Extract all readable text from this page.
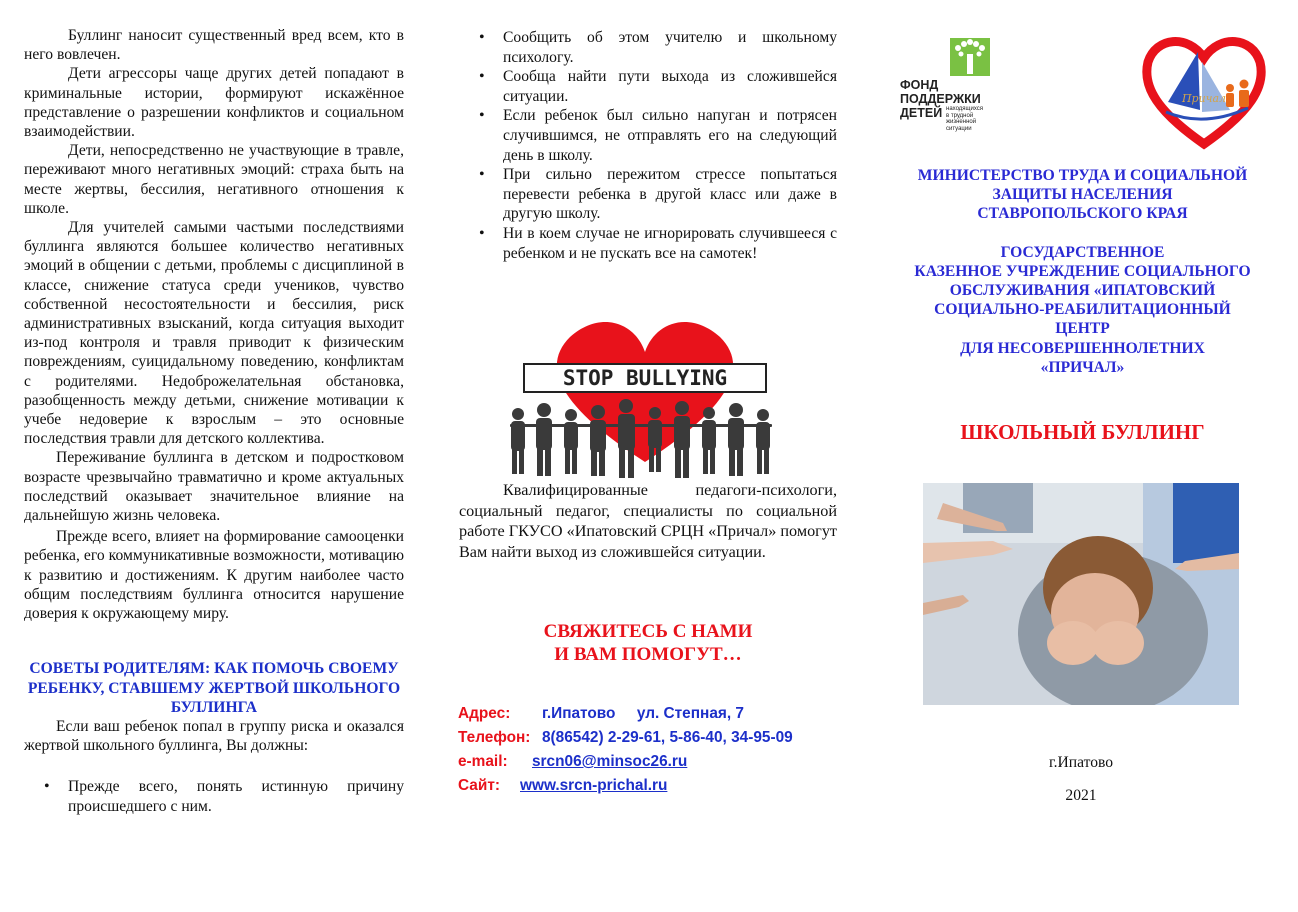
Буллинг наносит существенный вред всем, кто в него вовлечен.

Дети агрессоры чаще других детей попадают в криминальные истории, формируют искажённое представление о разрешении конфликтов и социальном взаимодействии.

Дети, непосредственно не участвующие в травле, переживают много негативных эмоций: страха быть на месте жертвы, бессилия, негативного отношения к школе.

Для учителей самыми частыми последствиями буллинга являются большее количество негативных эмоций в общении с детьми, проблемы с дисциплиной в классе, снижение статуса среди учеников, чувство собственной несостоятельности и бессилия, риск административных взысканий, когда ситуация выходит из-под контроля и травля приводит к физическим повреждениям, суицидальному поведению, конфликтам с родителями. Недоброжелательная обстановка, разобщенность между детьми, снижение мотивации к учебе недоверие к взрослым – это основные последствия травли для детского коллектива.

Переживание буллинга в детском и подростковом возрасте чрезвычайно травматично и кроме актуальных последствий оказывает значительное влияние на дальнейшую жизнь человека.

Прежде всего, влияет на формирование самооценки ребенка, его коммуникативные возможности, мотивацию к развитию и достижениям. К другим наиболее часто общим последствиям буллинга относится нарушение доверия к окружающему миру.

СОВЕТЫ РОДИТЕЛЯМ: КАК ПОМОЧЬ СВОЕМУ РЕБЕНКУ, СТАВШЕМУ ЖЕРТВОЙ ШКОЛЬНОГО БУЛЛИНГА

Если ваш ребенок попал в группу риска и оказался жертвой школьного буллинга, Вы должны:

• Прежде всего, понять истинную причину происшедшего с ним.
• Сообщить об этом учителю и школьному психологу.
• Сообща найти пути выхода из сложившейся ситуации.
• Если ребенок был сильно напуган и потрясен случившимся, не отправлять его на следующий день в школу.
• При сильно пережитом стрессе попытаться перевести ребенка в другой класс или даже в другую школу.
• Ни в коем случае не игнорировать случившееся с ребенком и не пускать все на самотек!
STOP BULLYING

Квалифицированные педагоги-психологи, социальный педагог, специалисты по социальной работе ГКУСО «Ипатовский СРЦН «Причал» помогут Вам найти выход из сложившейся ситуации.

СВЯЖИТЕСЬ С НАМИ
И ВАМ ПОМОГУТ…
Адрес: г.Ипатово     ул. Степная, 7
Телефон: 8(86542) 2-29-61, 5-86-40, 34-95-09
e-mail: srcn06@minsoc26.ru
Сайт: www.srcn-prichal.ru
ФОНД
ПОДДЕРЖКИ
ДЕТЕЙ находящихся
в трудной
жизненной
ситуации
Причал
МИНИСТЕРСТВО ТРУДА И СОЦИАЛЬНОЙ
ЗАЩИТЫ НАСЕЛЕНИЯ
СТАВРОПОЛЬСКОГО КРАЯ
ГОСУДАРСТВЕННОЕ
КАЗЕННОЕ УЧРЕЖДЕНИЕ СОЦИАЛЬНОГО
ОБСЛУЖИВАНИЯ «ИПАТОВСКИЙ
СОЦИАЛЬНО-РЕАБИЛИТАЦИОННЫЙ
ЦЕНТР
ДЛЯ НЕСОВЕРШЕННОЛЕТНИХ
«ПРИЧАЛ»
ШКОЛЬНЫЙ БУЛЛИНГ
г.Ипатово
2021
